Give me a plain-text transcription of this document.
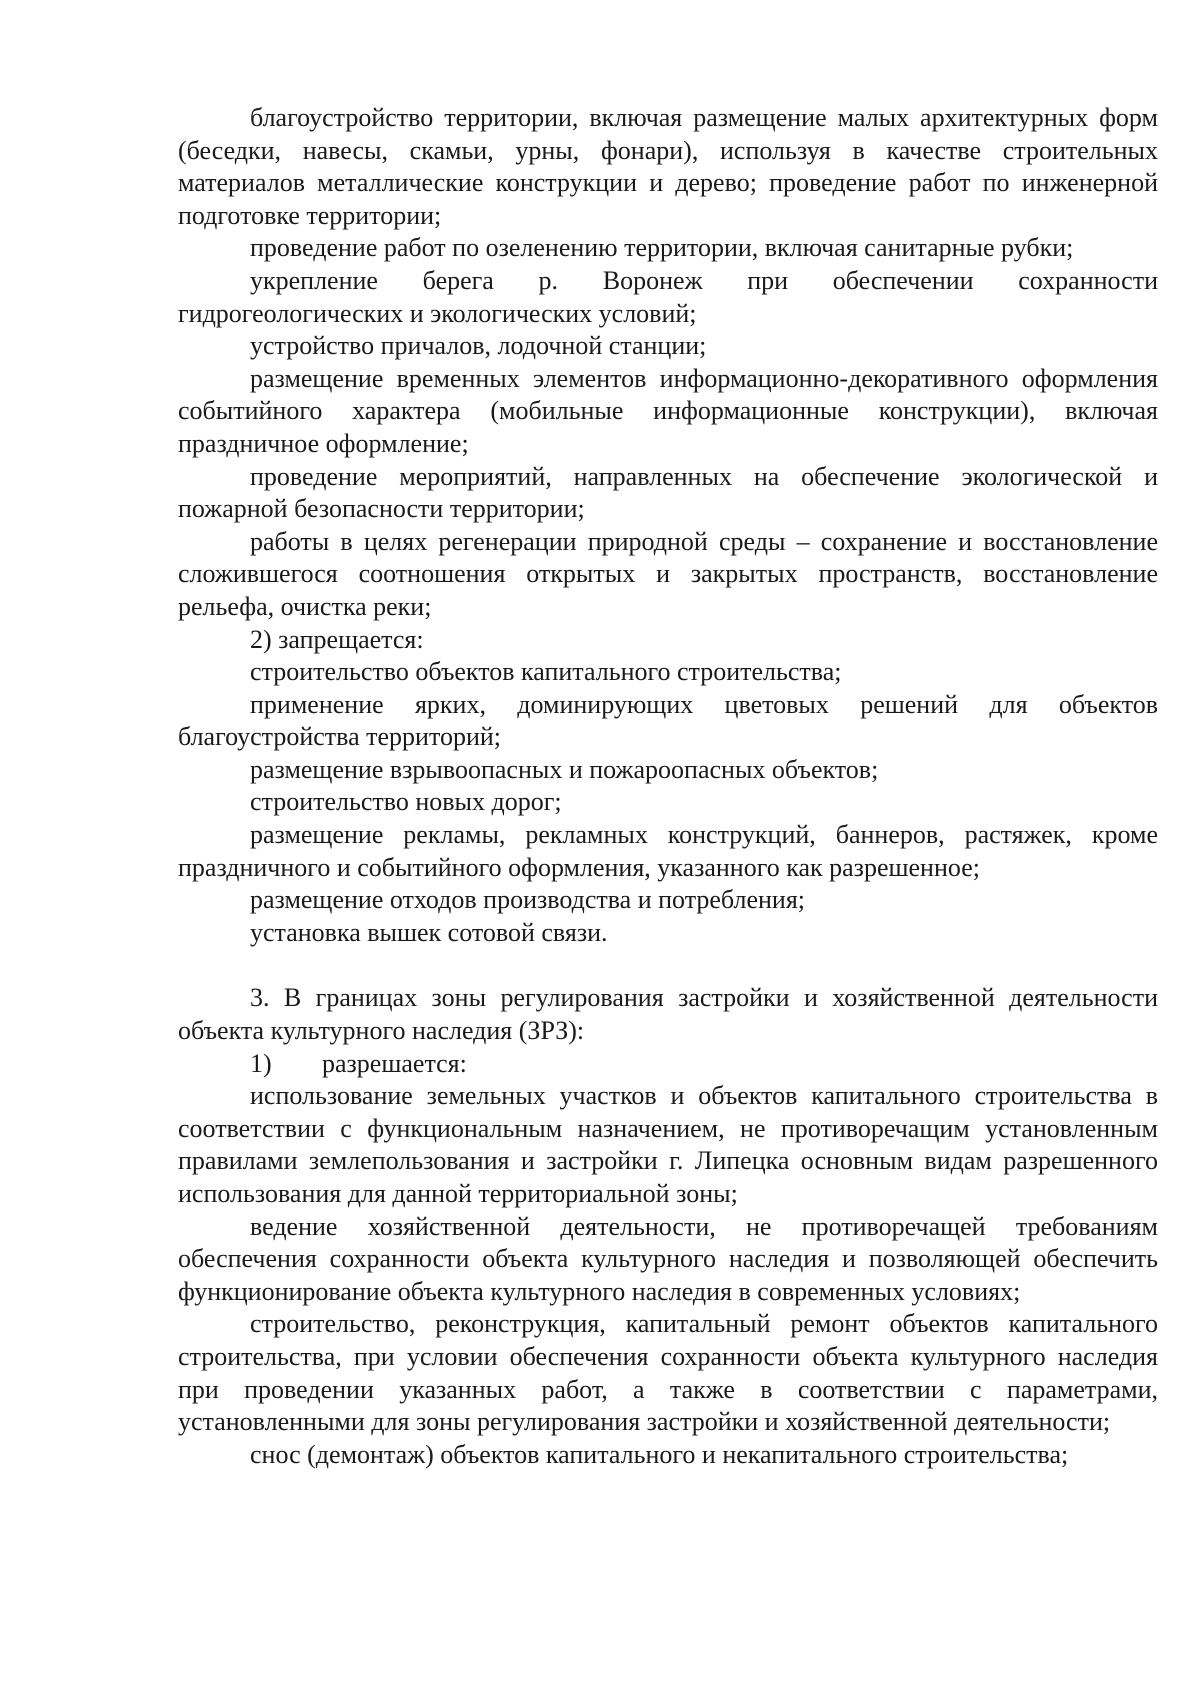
благоустройство территории, включая размещение малых архитектурных форм (беседки, навесы, скамьи, урны, фонари), используя в качестве строительных материалов металлические конструкции и дерево; проведение работ по инженерной подготовке территории;

проведение работ по озеленению территории, включая санитарные рубки;

укрепление берега р. Воронеж при обеспечении сохранности гидрогеологических и экологических условий;

устройство причалов, лодочной станции;

размещение временных элементов информационно-декоративного оформления событийного характера (мобильные информационные конструкции), включая праздничное оформление;

проведение мероприятий, направленных на обеспечение экологической и пожарной безопасности территории;

работы в целях регенерации природной среды – сохранение и восстановление сложившегося соотношения открытых и закрытых пространств, восстановление рельефа, очистка реки;

2) запрещается:

строительство объектов капитального строительства;

применение ярких, доминирующих цветовых решений для объектов благоустройства территорий;

размещение взрывоопасных и пожароопасных объектов;

строительство новых дорог;

размещение рекламы, рекламных конструкций, баннеров, растяжек, кроме праздничного и событийного оформления, указанного как разрешенное;

размещение отходов производства и потребления;

установка вышек сотовой связи.

3. В границах зоны регулирования застройки и хозяйственной деятельности объекта культурного наследия (ЗРЗ):

1)	разрешается:

использование земельных участков и объектов капитального строительства в соответствии с функциональным назначением, не противоречащим установленным правилами землепользования и застройки г. Липецка основным видам разрешенного использования для данной территориальной зоны;

ведение хозяйственной деятельности, не противоречащей требованиям обеспечения сохранности объекта культурного наследия и позволяющей обеспечить функционирование объекта культурного наследия в современных условиях;

строительство, реконструкция, капитальный ремонт объектов капитального строительства, при условии обеспечения сохранности объекта культурного наследия при проведении указанных работ, а также в соответствии с параметрами, установленными для зоны регулирования застройки и хозяйственной деятельности;

снос (демонтаж) объектов капитального и некапитального строительства;
